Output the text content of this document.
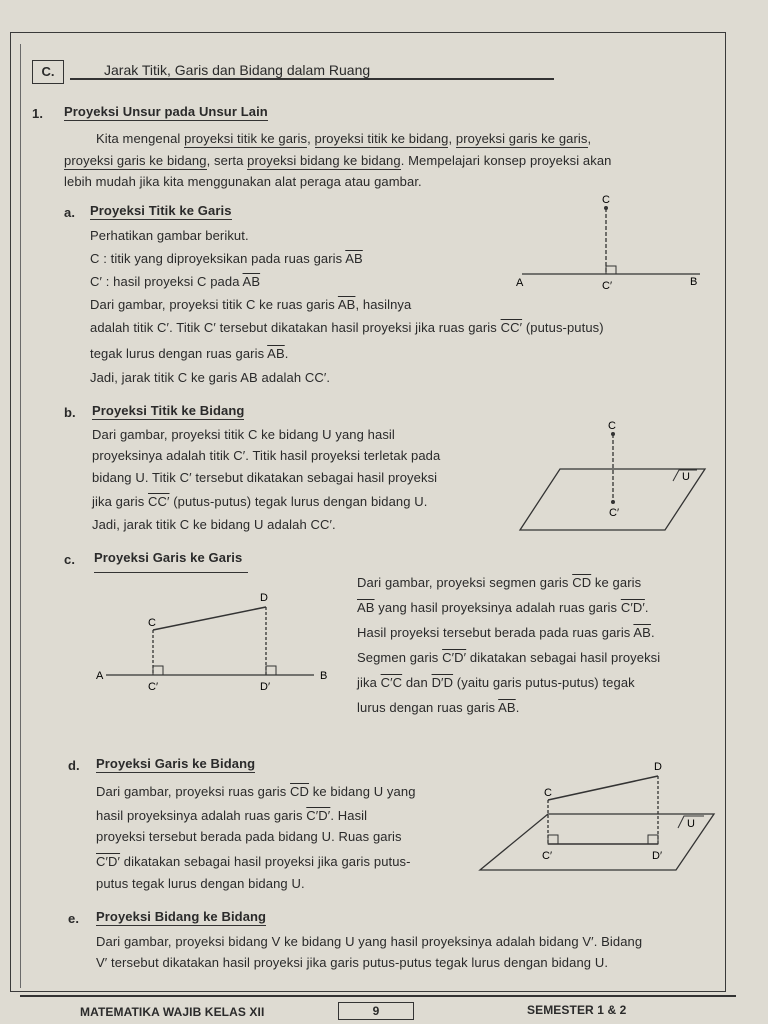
C.	Jarak Titik, Garis dan Bidang dalam Ruang
1. Proyeksi Unsur pada Unsur Lain
Kita mengenal proyeksi titik ke garis, proyeksi titik ke bidang, proyeksi garis ke garis,
proyeksi garis ke bidang, serta proyeksi bidang ke bidang. Mempelajari konsep proyeksi akan
lebih mudah jika kita menggunakan alat peraga atau gambar.
a. Proyeksi Titik ke Garis
Perhatikan gambar berikut.
C : titik yang diproyeksikan pada ruas garis $\overline{AB}$
C′ : hasil proyeksi C pada $\overline{AB}$
Dari gambar, proyeksi titik C ke ruas garis $\overline{AB}$, hasilnya
adalah titik C′. Titik C′ tersebut dikatakan hasil proyeksi jika ruas garis CC′ (putus-putus)
tegak lurus dengan ruas garis $\overline{AB}$.
Jadi, jarak titik C ke garis AB adalah CC′.
C
A	C′	B
b. Proyeksi Titik ke Bidang
Dari gambar, proyeksi titik C ke bidang U yang hasil
proyeksinya adalah titik C′. Titik hasil proyeksi terletak pada
bidang U. Titik C′ tersebut dikatakan sebagai hasil proyeksi
jika garis CC′ (putus-putus) tegak lurus dengan bidang U.
Jadi, jarak titik C ke bidang U adalah CC′.
C
U
C′
c. Proyeksi Garis ke Garis
C
D
A	B
C′	D′
Dari gambar, proyeksi segmen garis $\overline{CD}$ ke garis
$\overline{AB}$ yang hasil proyeksinya adalah ruas garis C′D′.
Hasil proyeksi tersebut berada pada ruas garis $\overline{AB}$.
Segmen garis C′D′ dikatakan sebagai hasil proyeksi
jika C′C dan D′D (yaitu garis putus-putus) tegak
lurus dengan ruas garis $\overline{AB}$.
d. Proyeksi Garis ke Bidang
Dari gambar, proyeksi ruas garis $\overline{CD}$ ke bidang U yang
hasil proyeksinya adalah ruas garis C′D′. Hasil
proyeksi tersebut berada pada bidang U. Ruas garis
C′D′ dikatakan sebagai hasil proyeksi jika garis putus-
putus tegak lurus dengan bidang U.
C
D
U
C′	D′
e. Proyeksi Bidang ke Bidang
Dari gambar, proyeksi bidang V ke bidang U yang hasil proyeksinya adalah bidang V′. Bidang
V′ tersebut dikatakan hasil proyeksi jika garis putus-putus tegak lurus dengan bidang U.
MATEMATIKA WAJIB KELAS XII	9	SEMESTER 1 & 2
